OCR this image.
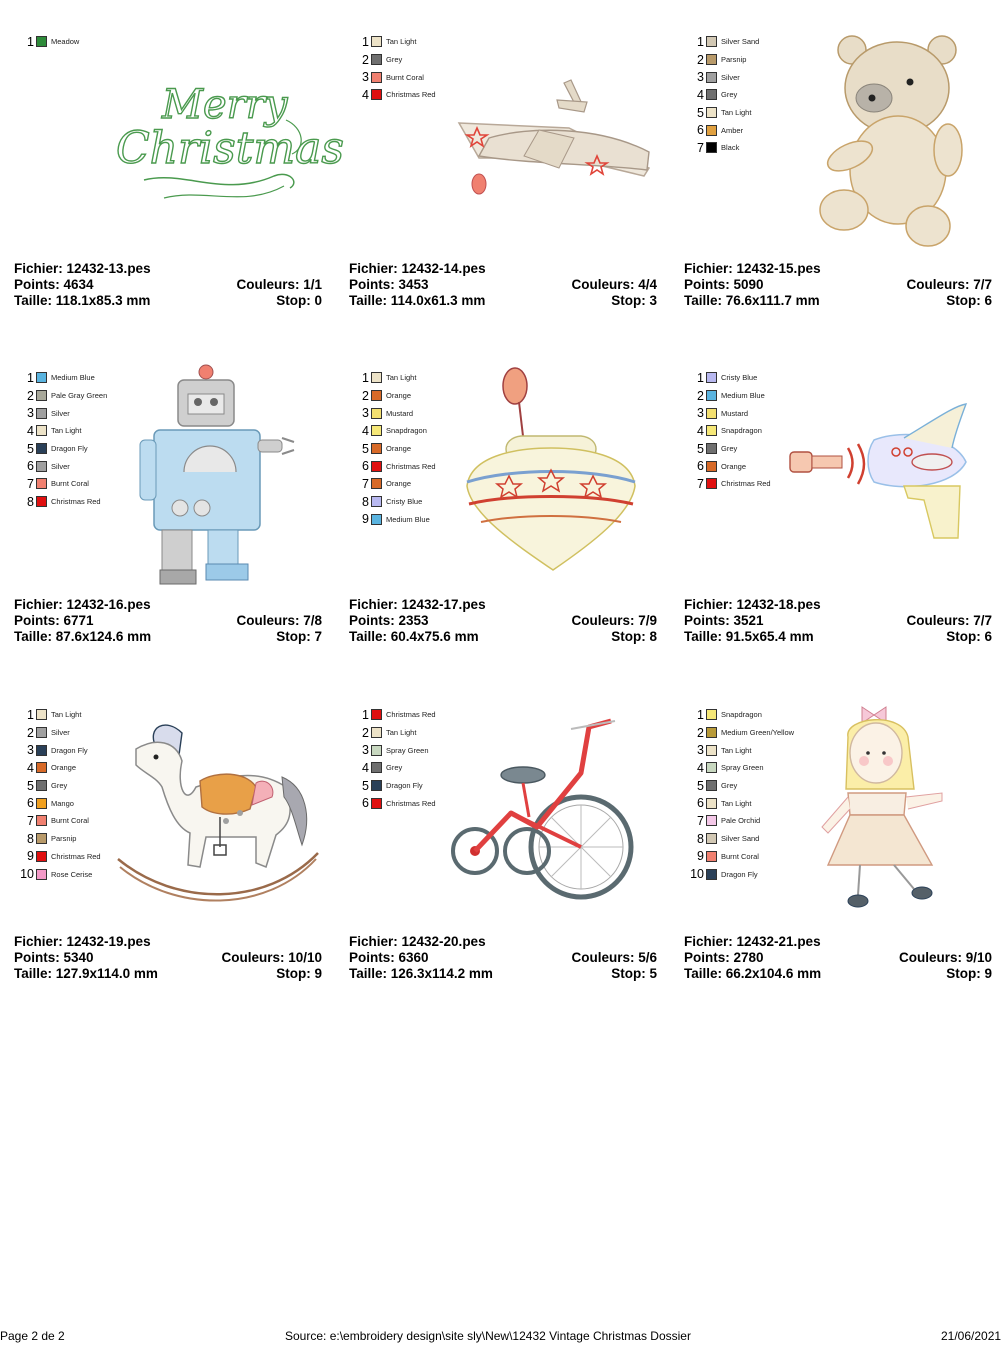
1 Meadow
Merry
Christmas
Fichier: 12432-13.pes
Points: 4634	Couleurs: 1/1
Taille: 118.1x85.3 mm	Stop: 0
1 Tan Light
2 Grey
3 Burnt Coral
4 Christmas Red
Fichier: 12432-14.pes
Points: 3453	Couleurs: 4/4
Taille: 114.0x61.3 mm	Stop: 3
1 Silver Sand
2 Parsnip
3 Silver
4 Grey
5 Tan Light
6 Amber
7 Black
Fichier: 12432-15.pes
Points: 5090	Couleurs: 7/7
Taille: 76.6x111.7 mm	Stop: 6
1 Medium Blue
2 Pale Gray Green
3 Silver
4 Tan Light
5 Dragon Fly
6 Silver
7 Burnt Coral
8 Christmas Red
Fichier: 12432-16.pes
Points: 6771	Couleurs: 7/8
Taille: 87.6x124.6 mm	Stop: 7
1 Tan Light
2 Orange
3 Mustard
4 Snapdragon
5 Orange
6 Christmas Red
7 Orange
8 Cristy Blue
9 Medium Blue
Fichier: 12432-17.pes
Points: 2353	Couleurs: 7/9
Taille: 60.4x75.6 mm	Stop: 8
1 Cristy Blue
2 Medium Blue
3 Mustard
4 Snapdragon
5 Grey
6 Orange
7 Christmas Red
Fichier: 12432-18.pes
Points: 3521	Couleurs: 7/7
Taille: 91.5x65.4 mm	Stop: 6
1 Tan Light
2 Silver
3 Dragon Fly
4 Orange
5 Grey
6 Mango
7 Burnt Coral
8 Parsnip
9 Christmas Red
10 Rose Cerise
Fichier: 12432-19.pes
Points: 5340	Couleurs: 10/10
Taille: 127.9x114.0 mm	Stop: 9
1 Christmas Red
2 Tan Light
3 Spray Green
4 Grey
5 Dragon Fly
6 Christmas Red
Fichier: 12432-20.pes
Points: 6360	Couleurs: 5/6
Taille: 126.3x114.2 mm	Stop: 5
1 Snapdragon
2 Medium Green/Yellow
3 Tan Light
4 Spray Green
5 Grey
6 Tan Light
7 Pale Orchid
8 Silver Sand
9 Burnt Coral
10 Dragon Fly
Fichier: 12432-21.pes
Points: 2780	Couleurs: 9/10
Taille: 66.2x104.6 mm	Stop: 9
Page 2 de 2	Source: e:\embroidery design\site sly\New\12432 Vintage Christmas Dossier	21/06/2021
